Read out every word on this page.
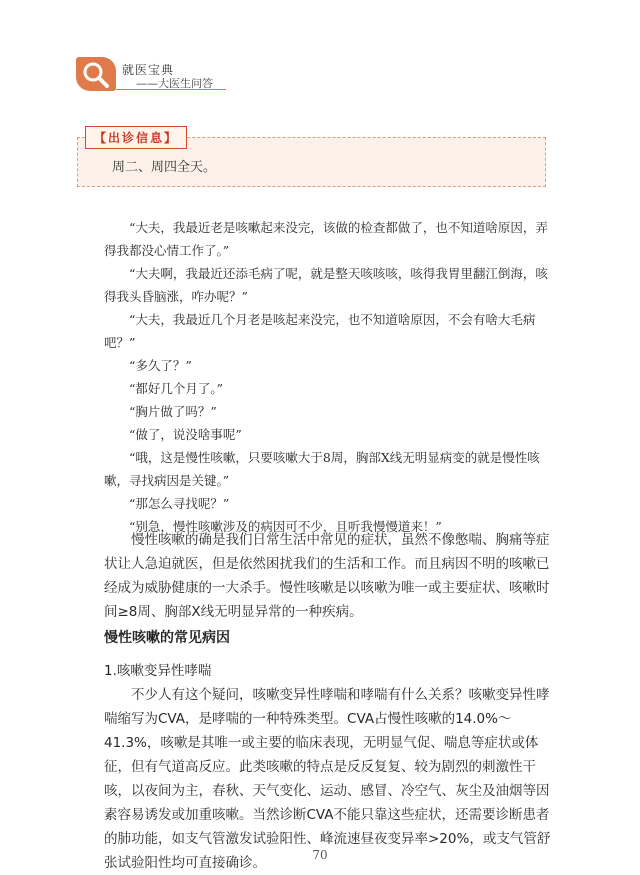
就医宝典
——大医生问答
【出诊信息】
周二、周四全天。

“大夫，我最近老是咳嗽起来没完，该做的检查都做了，也不知道啥原因，弄得我都没心情工作了。”

“大夫啊，我最近还添毛病了呢，就是整天咳咳咳，咳得我胃里翻江倒海，咳得我头昏脑涨，咋办呢？”

“大夫，我最近几个月老是咳起来没完，也不知道啥原因，不会有啥大毛病吧？”

“多久了？”

“都好几个月了。”

“胸片做了吗？”

“做了，说没啥事呢”

“哦，这是慢性咳嗽，只要咳嗽大于8周，胸部X线无明显病变的就是慢性咳嗽，寻找病因是关键。”

“那怎么寻找呢？”

“别急，慢性咳嗽涉及的病因可不少，且听我慢慢道来！”

慢性咳嗽的确是我们日常生活中常见的症状，虽然不像憋喘、胸痛等症状让人急迫就医，但是依然困扰我们的生活和工作。而且病因不明的咳嗽已经成为威胁健康的一大杀手。慢性咳嗽是以咳嗽为唯一或主要症状、咳嗽时间≥8周、胸部X线无明显异常的一种疾病。

慢性咳嗽的常见病因
1.咳嗽变异性哮喘

不少人有这个疑问，咳嗽变异性哮喘和哮喘有什么关系？咳嗽变异性哮喘缩写为CVA，是哮喘的一种特殊类型。CVA占慢性咳嗽的14.0%～41.3%，咳嗽是其唯一或主要的临床表现，无明显气促、喘息等症状或体征，但有气道高反应。此类咳嗽的特点是反反复复、较为剧烈的刺激性干咳，以夜间为主，春秋、天气变化、运动、感冒、冷空气、灰尘及油烟等因素容易诱发或加重咳嗽。当然诊断CVA不能只靠这些症状，还需要诊断患者的肺功能，如支气管激发试验阳性、峰流速昼夜变异率>20%，或支气管舒张试验阳性均可直接确诊。	70
